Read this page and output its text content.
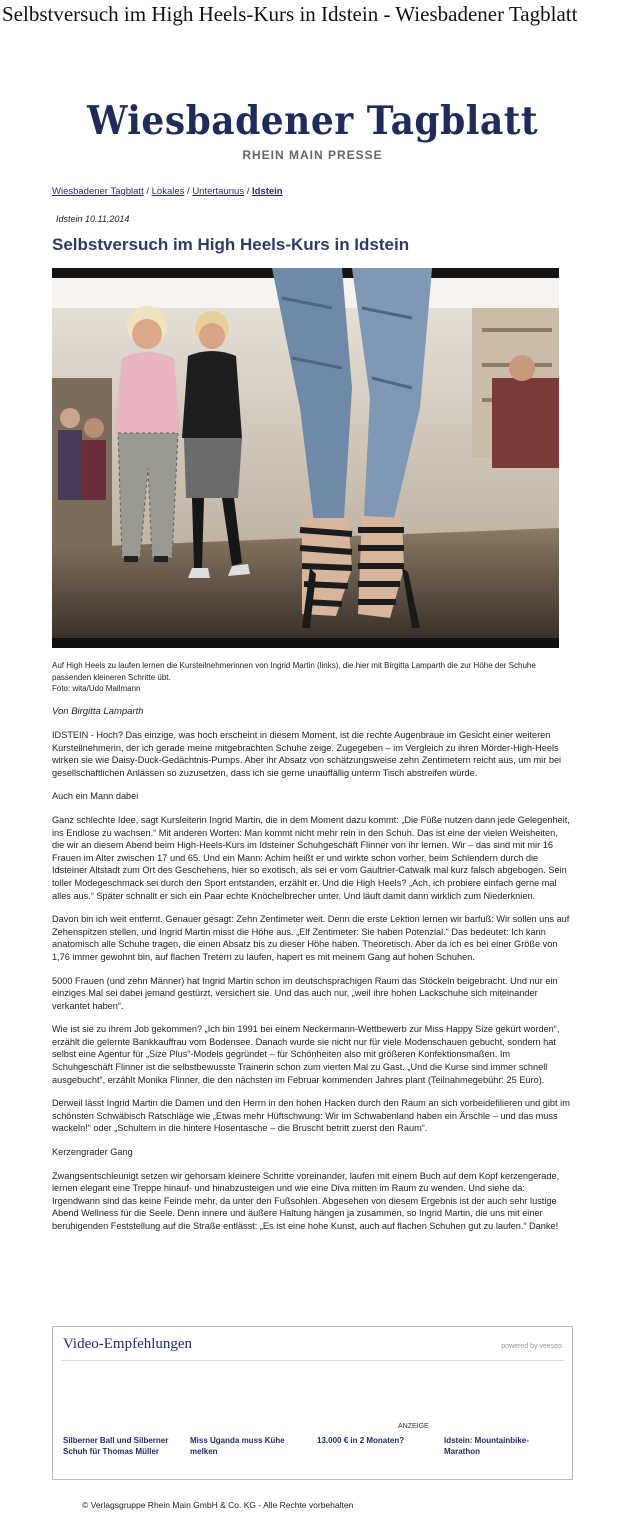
Selbstversuch im High Heels-Kurs in Idstein - Wiesbadener Tagblatt
Wiesbadener Tagblatt
RHEIN MAIN PRESSE
Wiesbadener Tagblatt / Lokales / Untertaunus / Idstein
Idstein 10.11.2014
Selbstversuch im High Heels-Kurs in Idstein
Auf High Heels zu laufen lernen die Kursteilnehmerinnen von Ingrid Martin (links), die hier mit Birgitta Lamparth die zur Höhe der Schuhe passenden kleineren Schritte übt.
Foto: wita/Udo Mallmann
Von Birgitta Lamparth

IDSTEIN - Hoch? Das einzige, was hoch erscheint in diesem Moment, ist die rechte Augenbraue im Gesicht einer weiteren Kursteilnehmerin, der ich gerade meine mitgebrachten Schuhe zeige. Zugegeben – im Vergleich zu ihren Mörder-High-Heels wirken sie wie Daisy-Duck-Gedächtnis-Pumps. Aber ihr Absatz von schätzungsweise zehn Zentimetern reicht aus, um mir bei gesellschaftlichen Anlässen so zuzusetzen, dass ich sie gerne unauffällig unterm Tisch abstreifen würde.

Auch ein Mann dabei

Ganz schlechte Idee, sagt Kursleiterin Ingrid Martin, die in dem Moment dazu kommt: „Die Füße nutzen dann jede Gelegenheit, ins Endlose zu wachsen.“ Mit anderen Worten: Man kommt nicht mehr rein in den Schuh. Das ist eine der vielen Weisheiten, die wir an diesem Abend beim High-Heels-Kurs im Idsteiner Schuhgeschäft Flinner von ihr lernen. Wir – das sind mit mir 16 Frauen im Alter zwischen 17 und 65. Und ein Mann: Achim heißt er und wirkte schon vorher, beim Schlendern durch die Idsteiner Altstadt zum Ort des Geschehens, hier so exotisch, als sei er vom Gaultrier-Catwalk mal kurz falsch abgebogen. Sein toller Modegeschmack sei durch den Sport entstanden, erzählt er. Und die High Heels? „Ach, ich probiere einfach gerne mal alles aus.“ Später schnallt er sich ein Paar echte Knöchelbrecher unter. Und läuft damit dann wirklich zum Niederknien.

Davon bin ich weit entfernt. Genauer gesagt: Zehn Zentimeter weit. Denn die erste Lektion lernen wir barfuß: Wir sollen uns auf Zehenspitzen stellen, und Ingrid Martin misst die Höhe aus. „Elf Zentimeter: Sie haben Potenzial.“ Das bedeutet: Ich kann anatomisch alle Schuhe tragen, die einen Absatz bis zu dieser Höhe haben. Theoretisch. Aber da ich es bei einer Größe von 1,76 immer gewohnt bin, auf flachen Tretern zu laufen, hapert es mit meinem Gang auf hohen Schuhen.

5000 Frauen (und zehn Männer) hat Ingrid Martin schon im deutschsprachigen Raum das Stöckeln beigebracht. Und nur ein einziges Mal sei dabei jemand gestürzt, versichert sie. Und das auch nur, „weil ihre hohen Lackschuhe sich miteinander verkantet haben“.

Wie ist sie zu ihrem Job gekommen? „Ich bin 1991 bei einem Neckermann-Wettbewerb zur Miss Happy Size gekürt worden“, erzählt die gelernte Bankkauffrau vom Bodensee. Danach wurde sie nicht nur für viele Modenschauen gebucht, sondern hat selbst eine Agentur für „Size Plus“-Models gegründet – für Schönheiten also mit größeren Konfektionsmaßen. Im Schuhgeschäft Flinner ist die selbstbewusste Trainerin schon zum vierten Mal zu Gast. „Und die Kurse sind immer schnell ausgebucht“, erzählt Monika Flinner, die den nächsten im Februar kommenden Jahres plant (Teilnahmegebühr: 25 Euro).

Derweil lässt Ingrid Martin die Damen und den Herrn in den hohen Hacken durch den Raum an sich vorbeidefilieren und gibt im schönsten Schwäbisch Ratschläge wie „Etwas mehr Hüftschwung: Wir im Schwabenland haben ein Ärschle – und das muss wackeln!“ oder „Schultern in die hintere Hosentasche – die Bruscht betritt zuerst den Raum“.

Kerzengrader Gang

Zwangsentschleunigt setzen wir gehorsam kleinere Schritte voreinander, laufen mit einem Buch auf dem Kopf kerzengerade, lernen elegant eine Treppe hinauf- und hinabzusteigen und wie eine Diva mitten im Raum zu wenden. Und siehe da: Irgendwann sind das keine Feinde mehr, da unter den Fußsohlen. Abgesehen von diesem Ergebnis ist der auch sehr lustige Abend Wellness für die Seele. Denn innere und äußere Haltung hängen ja zusammen, so Ingrid Martin, die uns mit einer beruhigenden Feststellung auf die Straße entlässt: „Es ist eine hohe Kunst, auch auf flachen Schuhen gut zu laufen.“ Danke!

Video-Empfehlungen	powered by veeseo
ANZEIGE
Silberner Ball und Silberner Schuh für Thomas Müller
Miss Uganda muss Kühe melken
13.000 € in 2 Monaten?	Idstein: Mountainbike-Marathon
© Verlagsgruppe Rhein Main GmbH & Co. KG - Alle Rechte vorbehalten
